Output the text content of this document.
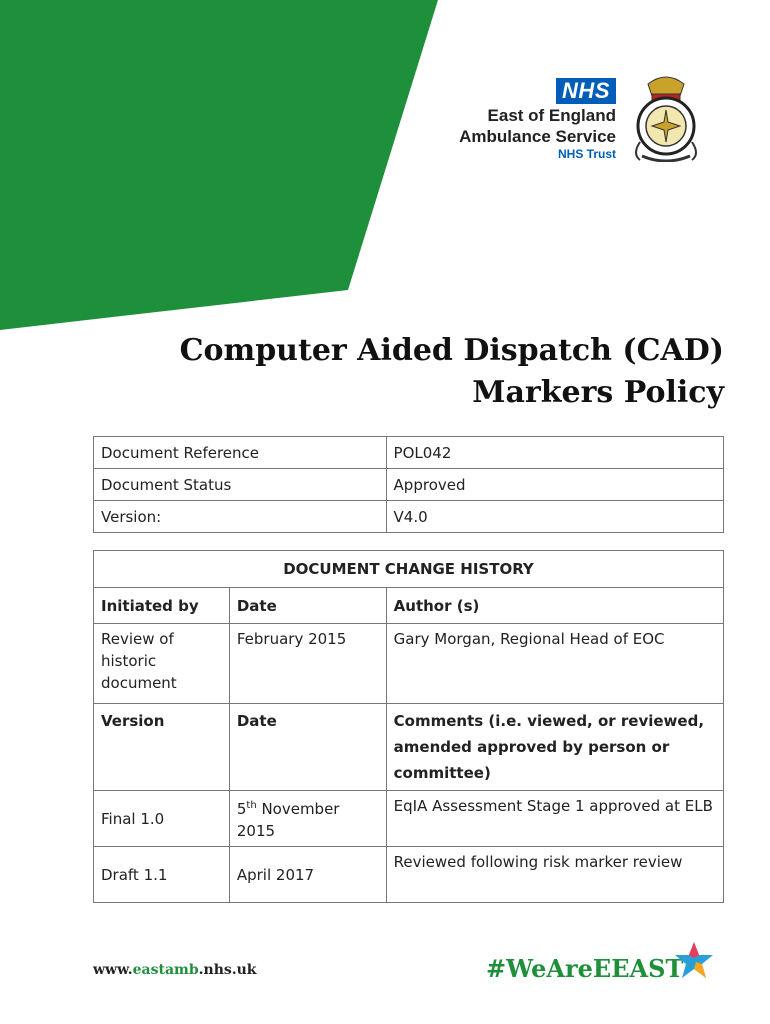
NHS
East of England
Ambulance Service
NHS Trust
Computer Aided Dispatch (CAD)
Markers Policy
Document Reference	POL042
Document Status	Approved
Version:	V4.0
DOCUMENT CHANGE HISTORY		
Initiated by	Date	Author (s)
Review of historic document	February 2015	Gary Morgan, Regional Head of EOC
Version	Date	Comments (i.e. viewed, or reviewed, amended approved by person or committee)
Final 1.0	5th November 2015	EqIA Assessment Stage 1 approved at ELB
Draft 1.1	April 2017	Reviewed following risk marker review
www.eastamb.nhs.uk	#WeAreEEAST
